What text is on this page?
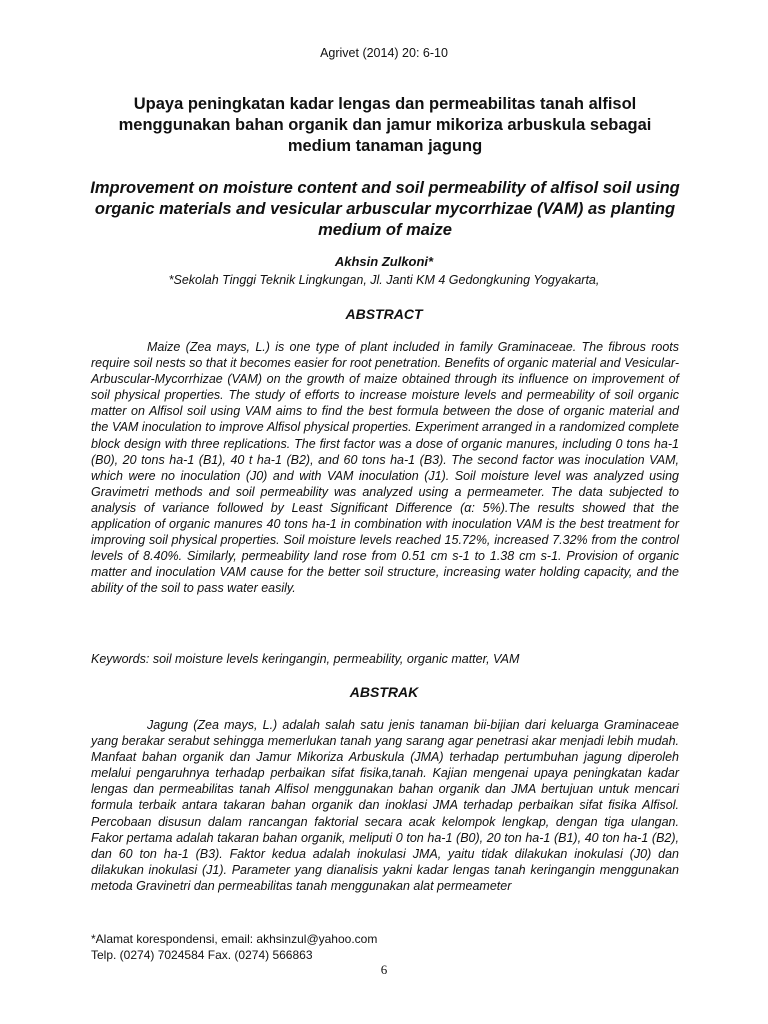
Agrivet (2014) 20: 6-10
Upaya peningkatan kadar lengas dan permeabilitas tanah alfisol menggunakan bahan organik dan jamur mikoriza arbuskula sebagai medium tanaman jagung
Improvement on moisture content and soil permeability of alfisol soil using organic materials and vesicular arbuscular mycorrhizae (VAM) as planting medium of maize
Akhsin Zulkoni*
*Sekolah Tinggi Teknik Lingkungan, Jl. Janti KM 4 Gedongkuning Yogyakarta,
ABSTRACT

Maize (Zea mays, L.) is one type of plant included in family Graminaceae. The fibrous roots require soil nests so that it becomes easier for root penetration. Benefits of organic material and Vesicular-Arbuscular-Mycorrhizae (VAM) on the growth of maize obtained through its influence on improvement of soil physical properties. The study of efforts to increase moisture levels and permeability of soil organic matter on Alfisol soil using VAM aims to find the best formula between the dose of organic material and the VAM inoculation to improve Alfisol physical properties. Experiment arranged in a randomized complete block design with three replications. The first factor was a dose of organic manures, including 0 tons ha-1 (B0), 20 tons ha-1 (B1), 40 t ha-1 (B2), and 60 tons ha-1 (B3). The second factor was inoculation VAM, which were no inoculation (J0) and with VAM inoculation (J1). Soil moisture level was analyzed using Gravimetri methods and soil permeability was analyzed using a permeameter. The data subjected to analysis of variance followed by Least Significant Difference (α: 5%).The results showed that the application of organic manures 40 tons ha-1 in combination with inoculation VAM is the best treatment for improving soil physical properties. Soil moisture levels reached 15.72%, increased 7.32% from the control levels of 8.40%. Similarly, permeability land rose from 0.51 cm s-1 to 1.38 cm s-1. Provision of organic matter and inoculation VAM cause for the better soil structure, increasing water holding capacity, and the ability of the soil to pass water easily.

Keywords: soil moisture levels keringangin, permeability, organic matter, VAM
ABSTRAK

Jagung (Zea mays, L.) adalah salah satu jenis tanaman bii-bijian dari keluarga Graminaceae yang berakar serabut sehingga memerlukan tanah yang sarang agar penetrasi akar menjadi lebih mudah. Manfaat bahan organik dan Jamur Mikoriza Arbuskula (JMA) terhadap pertumbuhan jagung diperoleh melalui pengaruhnya terhadap perbaikan sifat fisika,tanah. Kajian mengenai upaya peningkatan kadar lengas dan permeabilitas tanah Alfisol menggunakan bahan organik dan JMA bertujuan untuk mencari formula terbaik antara takaran bahan organik dan inoklasi JMA terhadap perbaikan sifat fisika Alfisol. Percobaan disusun dalam rancangan faktorial secara acak kelompok lengkap, dengan tiga ulangan. Fakor pertama adalah takaran bahan organik, meliputi 0 ton ha-1 (B0), 20 ton ha-1 (B1), 40 ton ha-1 (B2), dan 60 ton ha-1 (B3). Faktor kedua adalah inokulasi JMA, yaitu tidak dilakukan inokulasi (J0) dan dilakukan inokulasi (J1). Parameter yang dianalisis yakni kadar lengas tanah keringangin menggunakan metoda Gravinetri dan permeabilitas tanah menggunakan alat permeameter

*Alamat korespondensi, email: akhsinzul@yahoo.com
Telp. (0274) 7024584 Fax. (0274) 566863
6
